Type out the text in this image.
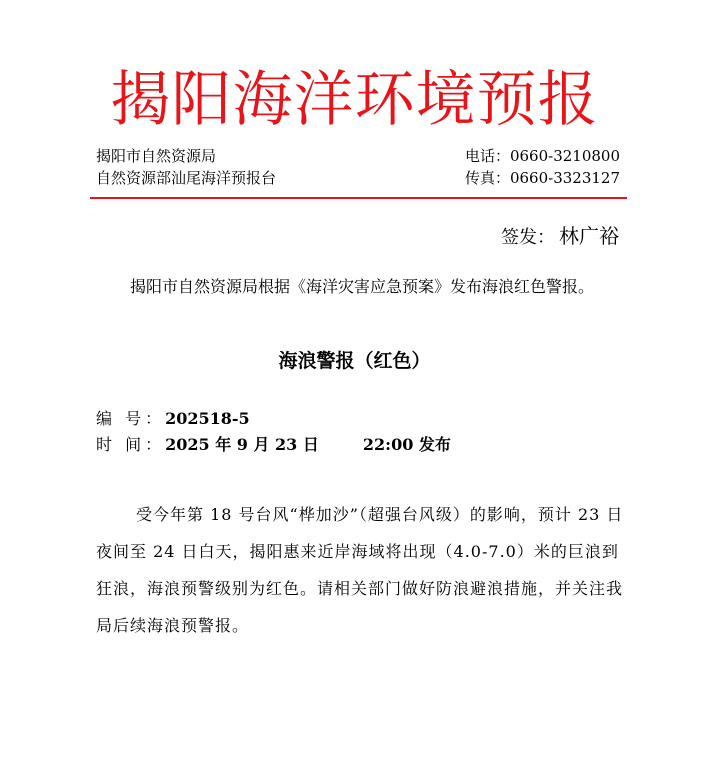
揭阳海洋环境预报
揭阳市自然资源局	电话：0660-3210800
自然资源部汕尾海洋预报台	传真：0660-3323127
签发： 林广裕
揭阳市自然资源局根据《海洋灾害应急预案》发布海浪红色警报。
海浪警报（红色）
编 号：202518-5
时 间：2025 年 9 月 23 日	22:00 发布
受今年第 18 号台风“桦加沙”（超强台风级）的影响，预计 23 日夜间至 24 日白天，揭阳惠来近岸海域将出现（4.0-7.0）米的巨浪到狂浪，海浪预警级别为红色。请相关部门做好防浪避浪措施，并关注我局后续海浪预警报。
